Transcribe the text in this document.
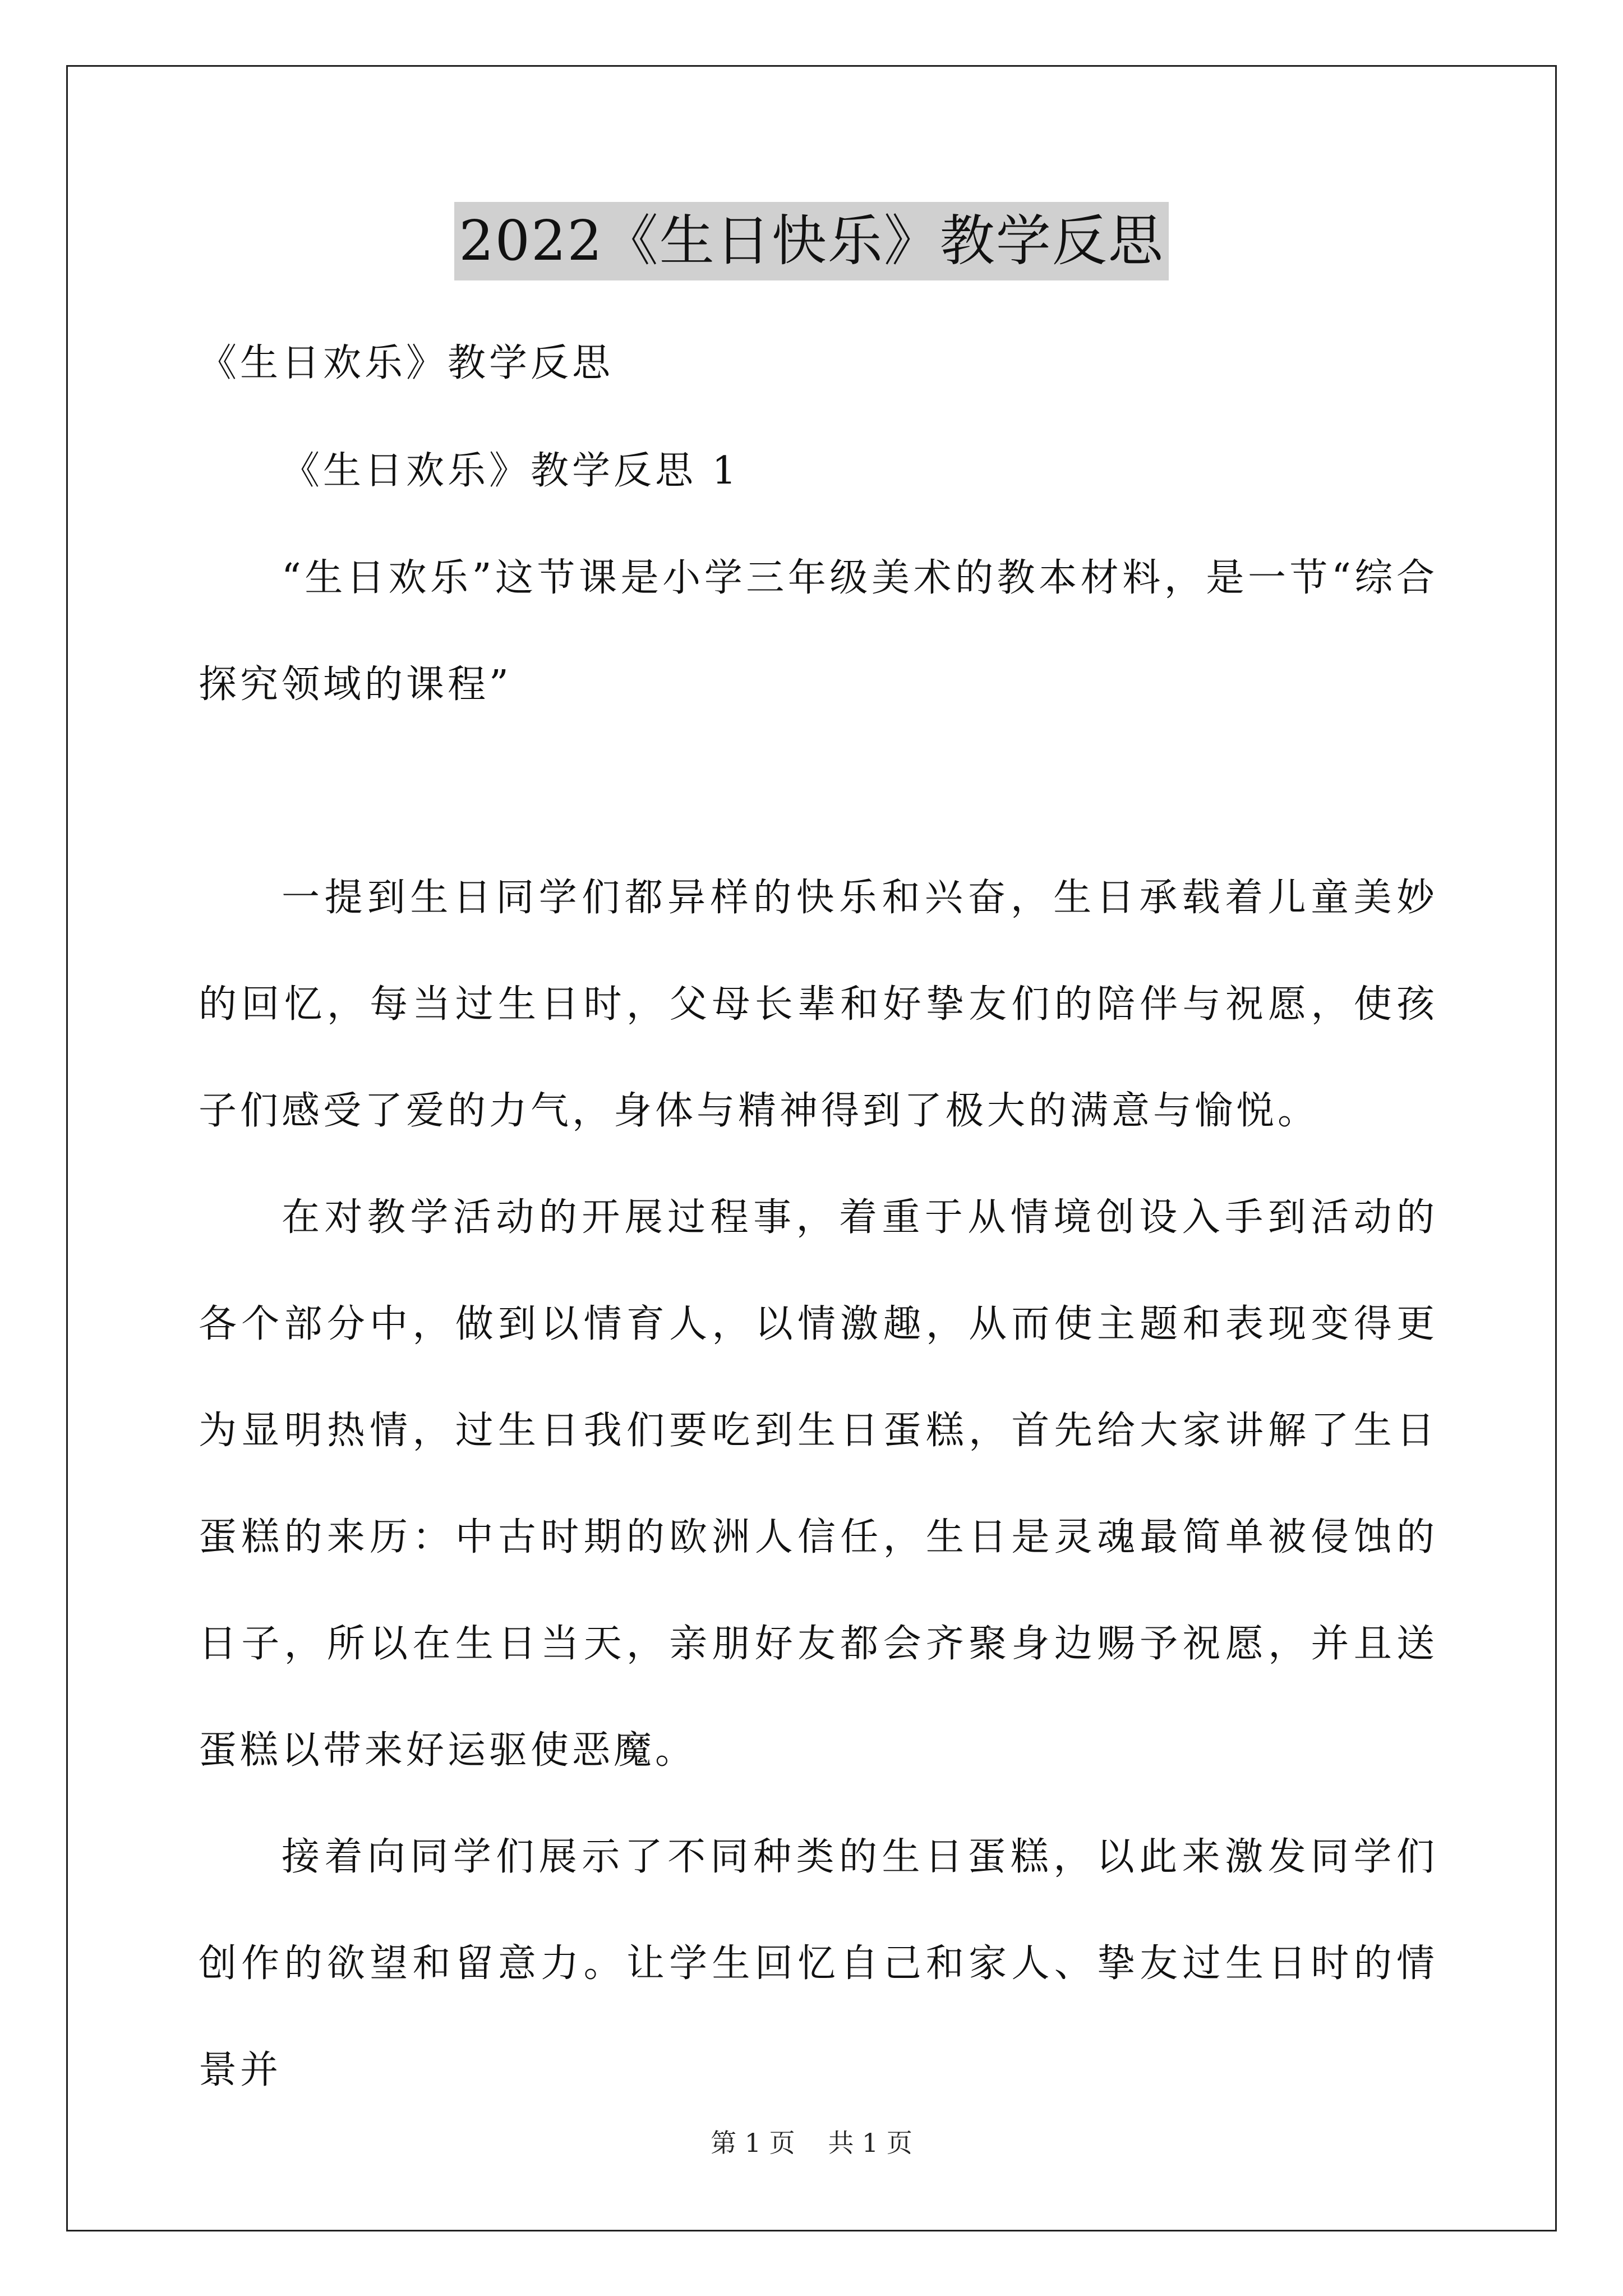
2022《生日快乐》教学反思

《生日欢乐》教学反思

《生日欢乐》教学反思 1

“生日欢乐”这节课是小学三年级美术的教本材料，是一节“综合探究领域的课程”

一提到生日同学们都异样的快乐和兴奋，生日承载着儿童美妙的回忆，每当过生日时，父母长辈和好挚友们的陪伴与祝愿，使孩子们感受了爱的力气，身体与精神得到了极大的满意与愉悦。

在对教学活动的开展过程事，着重于从情境创设入手到活动的各个部分中，做到以情育人，以情激趣，从而使主题和表现变得更为显明热情，过生日我们要吃到生日蛋糕，首先给大家讲解了生日蛋糕的来历：中古时期的欧洲人信任，生日是灵魂最简单被侵蚀的日子，所以在生日当天，亲朋好友都会齐聚身边赐予祝愿，并且送蛋糕以带来好运驱使恶魔。

接着向同学们展示了不同种类的生日蛋糕，以此来激发同学们创作的欲望和留意力。让学生回忆自己和家人、挚友过生日时的情景并

第 1 页 共 1 页
